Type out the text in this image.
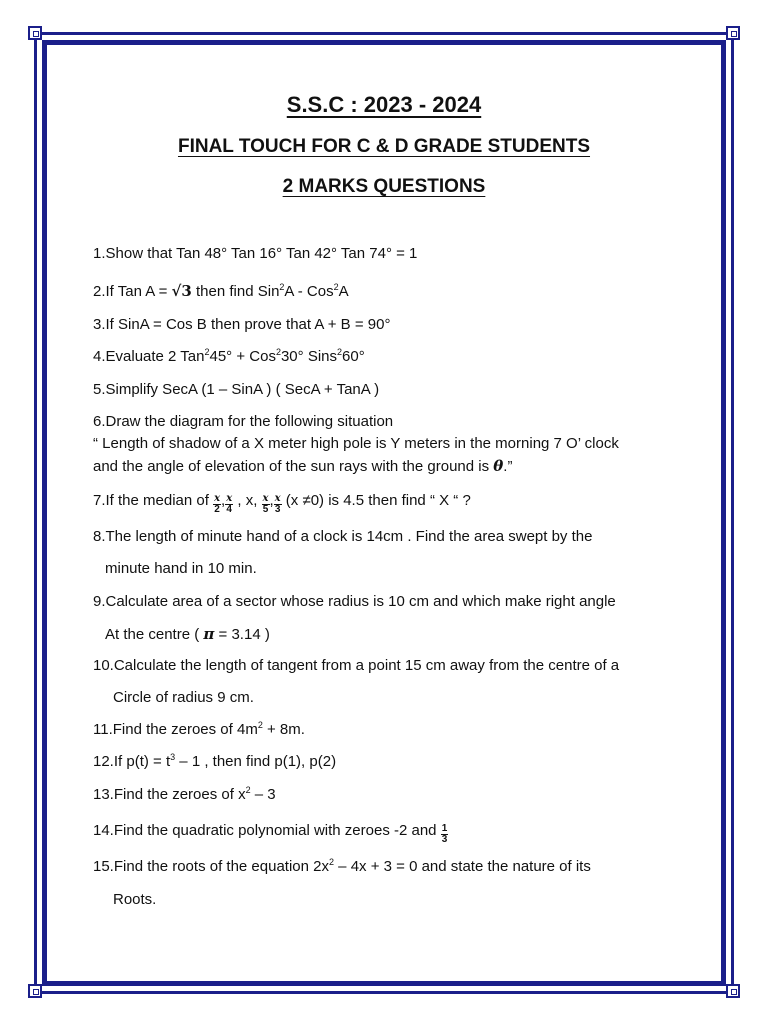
S.S.C : 2023 - 2024
FINAL TOUCH FOR C & D GRADE STUDENTS
2 MARKS QUESTIONS
1.Show that Tan 48° Tan 16° Tan 42° Tan 74° = 1
2.If Tan A = √3 then find Sin$^2$A - Cos$^2$A
3.If SinA = Cos B then prove that A + B = 90°
4.Evaluate 2 Tan$^2$45° + Cos$^2$30° Sins$^2$60°
5.Simplify SecA (1 – SinA ) ( SecA + TanA )
6.Draw the diagram for the following situation
“ Length of shadow of a X meter high pole is Y meters in the morning 7 O’ clock
and the angle of elevation of the sun rays with the ground is θ.”
7.If the median of $\frac{x}{2}$ , $\frac{x}{4}$ , x, $\frac{x}{5}$ , $\frac{x}{3} (x \ne 0)$ is 4.5 then find “ X “ ?
8.The length of minute hand of a clock is 14cm . Find the area swept by the
minute hand in 10 min.
9.Calculate area of a sector whose radius is 10 cm and which make right angle
At the centre ( π = 3.14 )
10.Calculate the length of tangent from a point 15 cm away from the centre of a
Circle of radius 9 cm.
11.Find the zeroes of $4m^2 + 8m$.
12.If $p(t) = t^3 - 1$ , then find p(1), p(2)
13.Find the zeroes of $x^2 - 3$
14.Find the quadratic polynomial with zeroes -2 and $\frac{1}{3}$
15.Find the roots of the equation $2x^2 - 4x + 3 = 0$ and state the nature of its
Roots.
